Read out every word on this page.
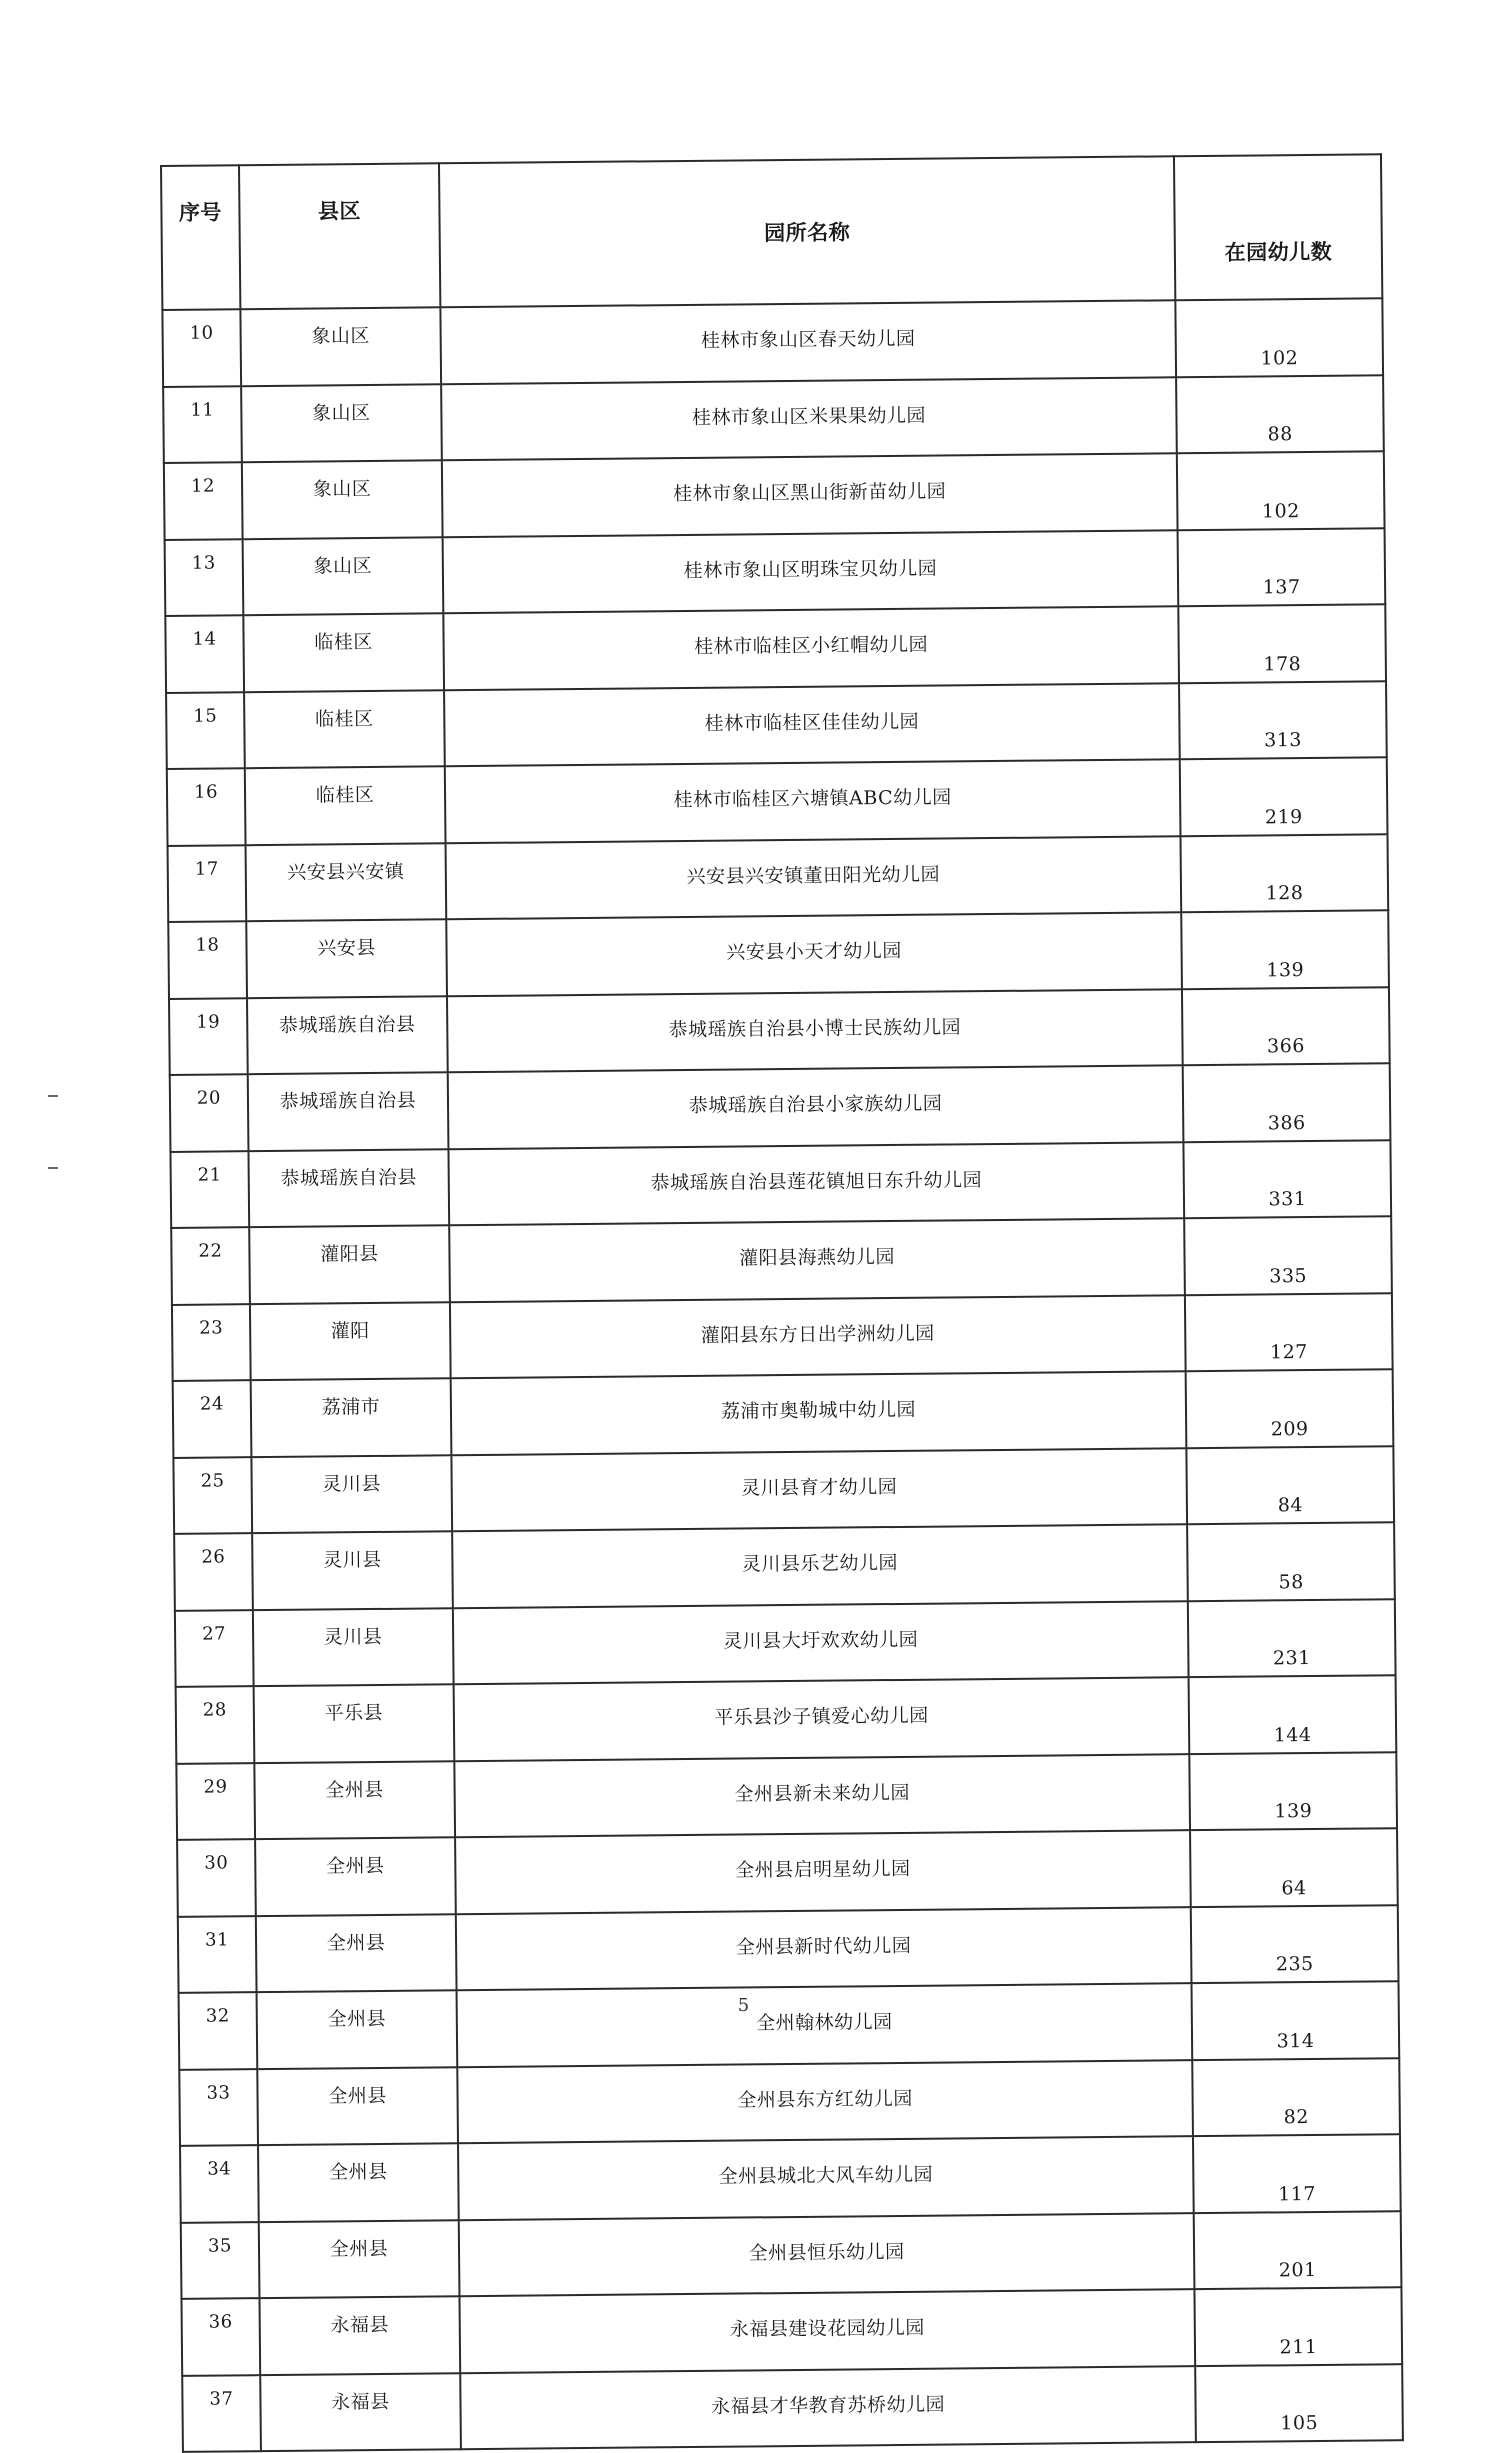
序号	县区	园所名称	在园幼儿数
10	象山区	桂林市象山区春天幼儿园	102
11	象山区	桂林市象山区米果果幼儿园	88
12	象山区	桂林市象山区黑山街新苗幼儿园	102
13	象山区	桂林市象山区明珠宝贝幼儿园	137
14	临桂区	桂林市临桂区小红帽幼儿园	178
15	临桂区	桂林市临桂区佳佳幼儿园	313
16	临桂区	桂林市临桂区六塘镇ABC幼儿园	219
17	兴安县兴安镇	兴安县兴安镇董田阳光幼儿园	128
18	兴安县	兴安县小天才幼儿园	139
19	恭城瑶族自治县	恭城瑶族自治县小博士民族幼儿园	366
20	恭城瑶族自治县	恭城瑶族自治县小家族幼儿园	386
21	恭城瑶族自治县	恭城瑶族自治县莲花镇旭日东升幼儿园	331
22	灌阳县	灌阳县海燕幼儿园	335
23	灌阳	灌阳县东方日出学洲幼儿园	127
24	荔浦市	荔浦市奥勒城中幼儿园	209
25	灵川县	灵川县育才幼儿园	84
26	灵川县	灵川县乐艺幼儿园	58
27	灵川县	灵川县大圩欢欢幼儿园	231
28	平乐县	平乐县沙子镇爱心幼儿园	144
29	全州县	全州县新未来幼儿园	139
30	全州县	全州县启明星幼儿园	64
31	全州县	全州县新时代幼儿园	235
32	全州县	全州翰林幼儿园	314
33	全州县	全州县东方红幼儿园	82
34	全州县	全州县城北大风车幼儿园	117
35	全州县	全州县恒乐幼儿园	201
36	永福县	永福县建设花园幼儿园	211
37	永福县	永福县才华教育苏桥幼儿园	105
5
